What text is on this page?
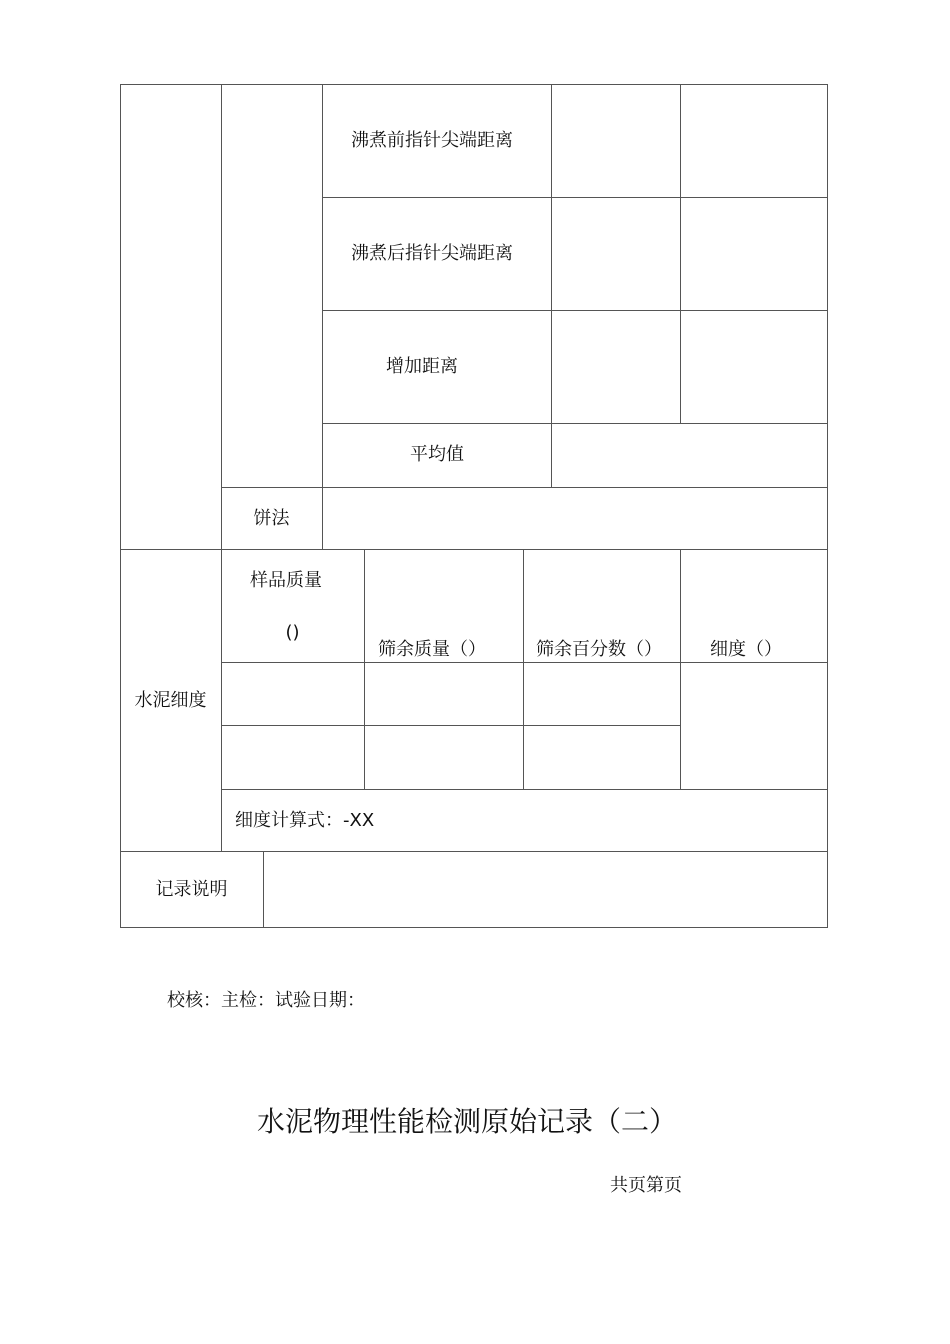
沸煮前指针尖端距离
沸煮后指针尖端距离
增加距离
平均值
饼法
水泥细度
样品质量
()
筛余质量（）	筛余百分数（）	细度（）
细度计算式：-XX
记录说明
校核：主检：试验日期：
水泥物理性能检测原始记录（二）
共页第页
